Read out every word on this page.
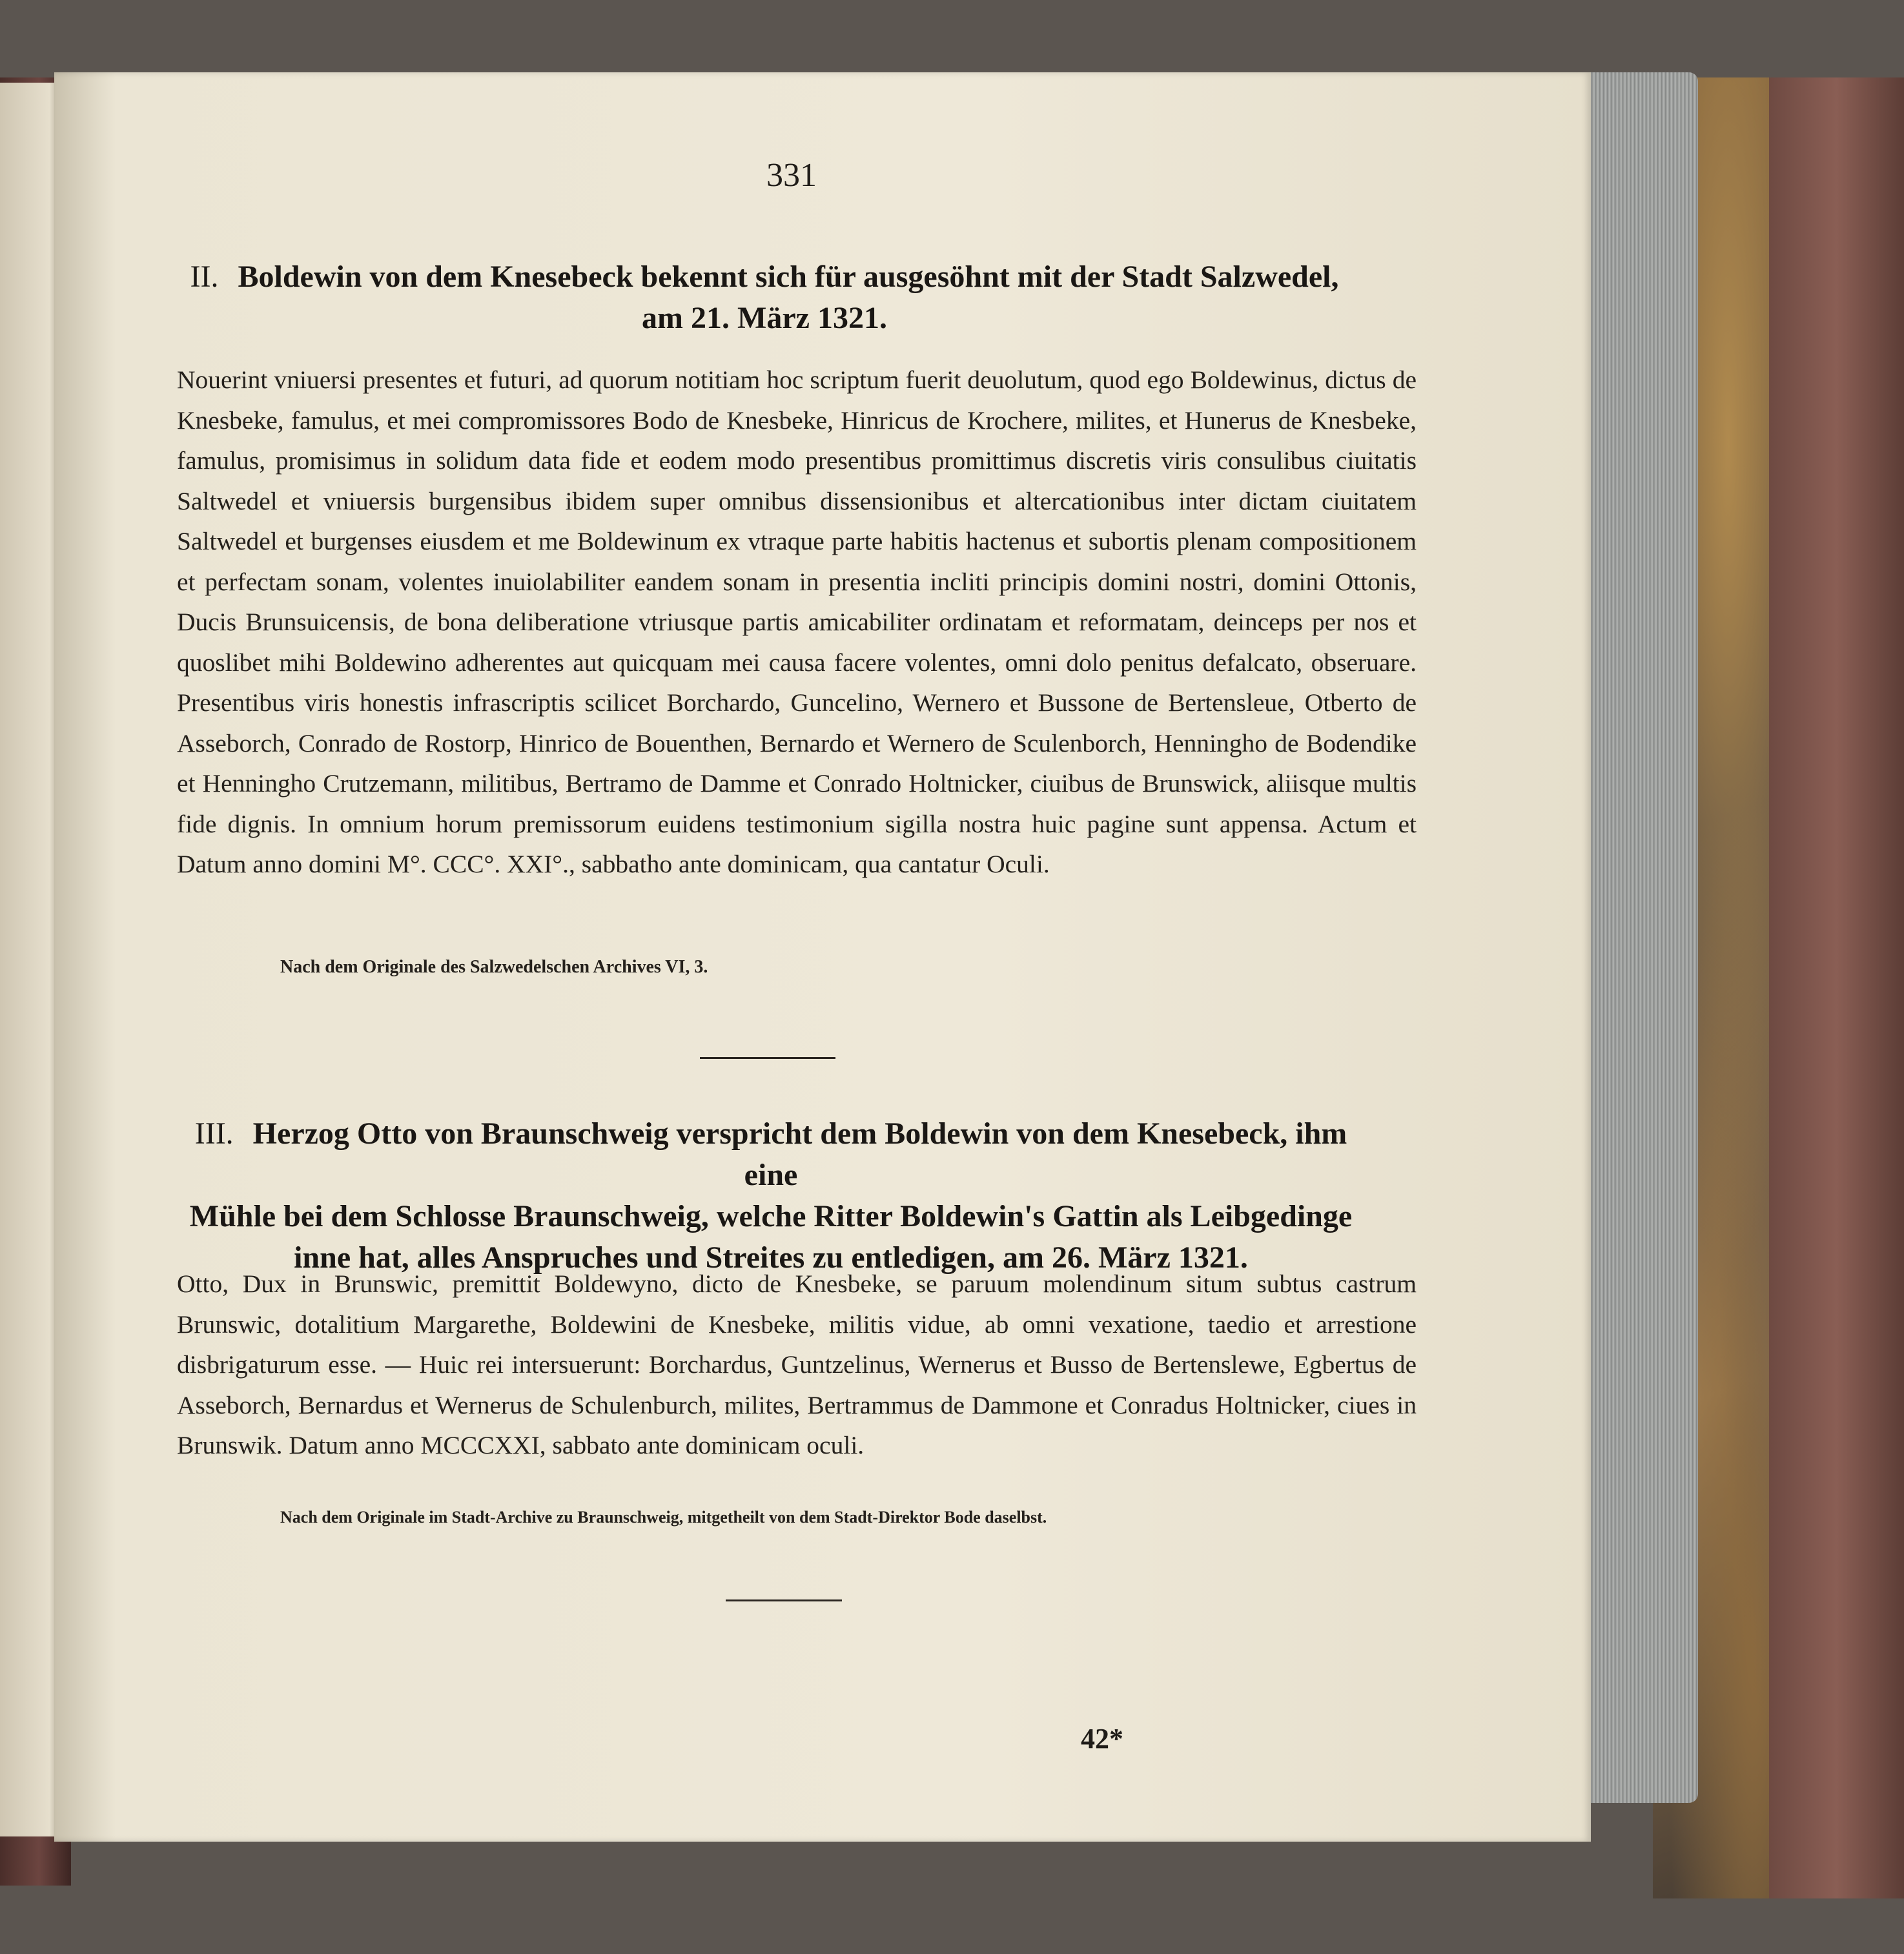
331
II. Boldewin von dem Knesebeck bekennt sich für ausgesöhnt mit der Stadt Salzwedel,
am 21. März 1321.

Nouerint vniuersi presentes et futuri, ad quorum notitiam hoc scriptum fuerit deuolutum, quod ego Boldewinus, dictus de Knesbeke, famulus, et mei compromissores Bodo de Knesbeke, Hinricus de Krochere, milites, et Hunerus de Knesbeke, famulus, promisimus in solidum data fide et eodem modo presentibus promittimus discretis viris consulibus ciuitatis Saltwedel et vniuersis burgensibus ibidem super omnibus dissensionibus et altercationibus inter dictam ciuitatem Saltwedel et burgenses eiusdem et me Boldewinum ex vtraque parte habitis hactenus et subortis plenam compositionem et perfectam sonam, volentes inuiolabiliter eandem sonam in presentia incliti principis domini nostri, domini Ottonis, Ducis Brunsuicensis, de bona deliberatione vtriusque partis amicabiliter ordinatam et reformatam, deinceps per nos et quoslibet mihi Boldewino adherentes aut quicquam mei causa facere volentes, omni dolo penitus defalcato, obseruare. Presentibus viris honestis infrascriptis scilicet Borchardo, Guncelino, Wernero et Bussone de Bertensleue, Otberto de Asseborch, Conrado de Rostorp, Hinrico de Bouenthen, Bernardo et Wernero de Sculenborch, Henningho de Bodendike et Henningho Crutzemann, militibus, Bertramo de Damme et Conrado Holtnicker, ciuibus de Brunswick, aliisque multis fide dignis. In omnium horum premissorum euidens testimonium sigilla nostra huic pagine sunt appensa. Actum et Datum anno domini M°. CCC°. XXI°., sabbatho ante dominicam, qua cantatur Oculi.

Nach dem Originale des Salzwedelschen Archives VI, 3.
III. Herzog Otto von Braunschweig verspricht dem Boldewin von dem Knesebeck, ihm eine
Mühle bei dem Schlosse Braunschweig, welche Ritter Boldewin's Gattin als Leibgedinge
inne hat, alles Anspruches und Streites zu entledigen, am 26. März 1321.

Otto, Dux in Brunswic, premittit Boldewyno, dicto de Knesbeke, se paruum molendinum situm subtus castrum Brunswic, dotalitium Margarethe, Boldewini de Knesbeke, militis vidue, ab omni vexatione, taedio et arrestione disbrigaturum esse. — Huic rei intersuerunt: Borchardus, Guntzelinus, Wernerus et Busso de Bertenslewe, Egbertus de Asseborch, Bernardus et Wernerus de Schulenburch, milites, Bertrammus de Dammone et Conradus Holtnicker, ciues in Brunswik. Datum anno MCCCXXI, sabbato ante dominicam oculi.

Nach dem Originale im Stadt-Archive zu Braunschweig, mitgetheilt von dem Stadt-Direktor Bode daselbst.
42*
